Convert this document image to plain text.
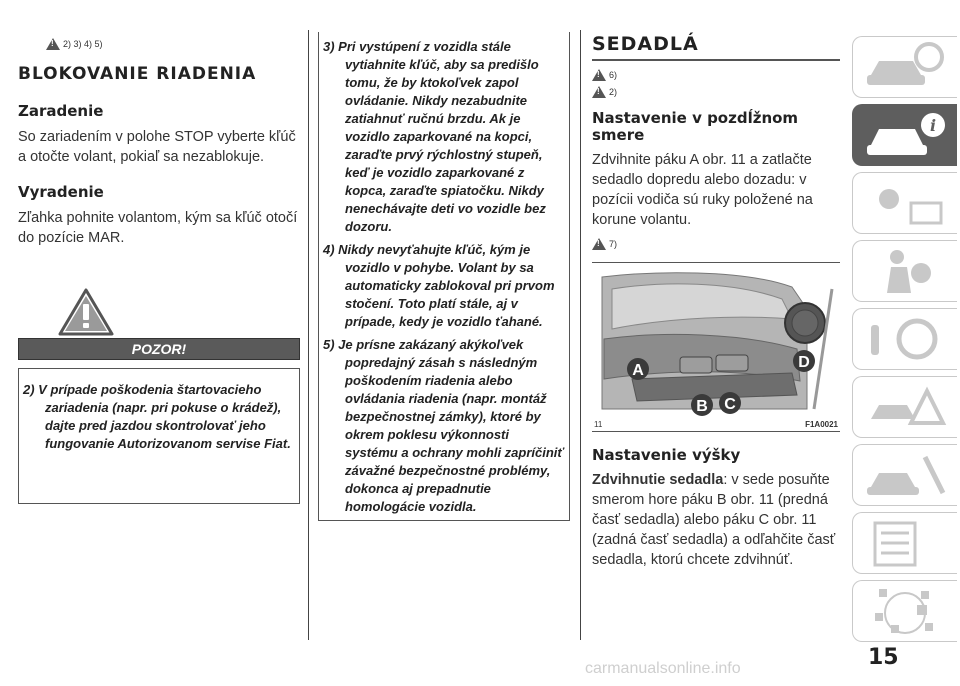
!
2) 3) 4) 5)
BLOKOVANIE RIADENIA
Zaradenie

So zariadením v polohe STOP vyberte kľúč a otočte volant, pokiaľ sa nezablokuje.

Vyradenie

Zľahka pohnite volantom, kým sa kľúč otočí do pozície MAR.

POZOR!

2) V prípade poškodenia štartovacieho zariadenia (napr. pri pokuse o krádež), dajte pred jazdou skontrolovať jeho fungovanie Autorizovanom servise Fiat.

3) Pri vystúpení z vozidla stále vytiahnite kľúč, aby sa predišlo tomu, že by ktokoľvek zapol ovládanie. Nikdy nezabudnite zatiahnuť ručnú brzdu. Ak je vozidlo zaparkované na kopci, zaraďte prvý rýchlostný stupeň, keď je vozidlo zaparkované z kopca, zaraďte spiatočku. Nikdy nenechávajte deti vo vozidle bez dozoru.

4) Nikdy nevyťahujte kľúč, kým je vozidlo v pohybe. Volant by sa automaticky zablokoval pri prvom stočení. Toto platí stále, aj v prípade, kedy je vozidlo ťahané.

5) Je prísne zakázaný akýkoľvek popredajný zásah s následným poškodením riadenia alebo ovládania riadenia (napr. montáž bezpečnostnej zámky), ktoré by okrem poklesu výkonnosti systému a ochrany mohli zapríčiniť závažné bezpečnostné problémy, dokonca aj prepadnutie homologácie vozidla.

SEDADLÁ
!
6)
!
2)
Nastavenie v pozdĺžnom smere

Zdvihnite páku A obr. 11 a zatlačte sedadlo dopredu alebo dozadu: v pozícii vodiča sú ruky položené na korune volantu.

!
7)
A
B C
D
11	F1A0021
Nastavenie výšky

Zdvihnutie sedadla: v sede posuňte smerom hore páku B obr. 11 (predná časť sedadla) alebo páku C obr. 11 (zadná časť sedadla) a odľahčite časť sedadla, ktorú chcete zdvihnúť.

i
15
carmanualsonline.info
